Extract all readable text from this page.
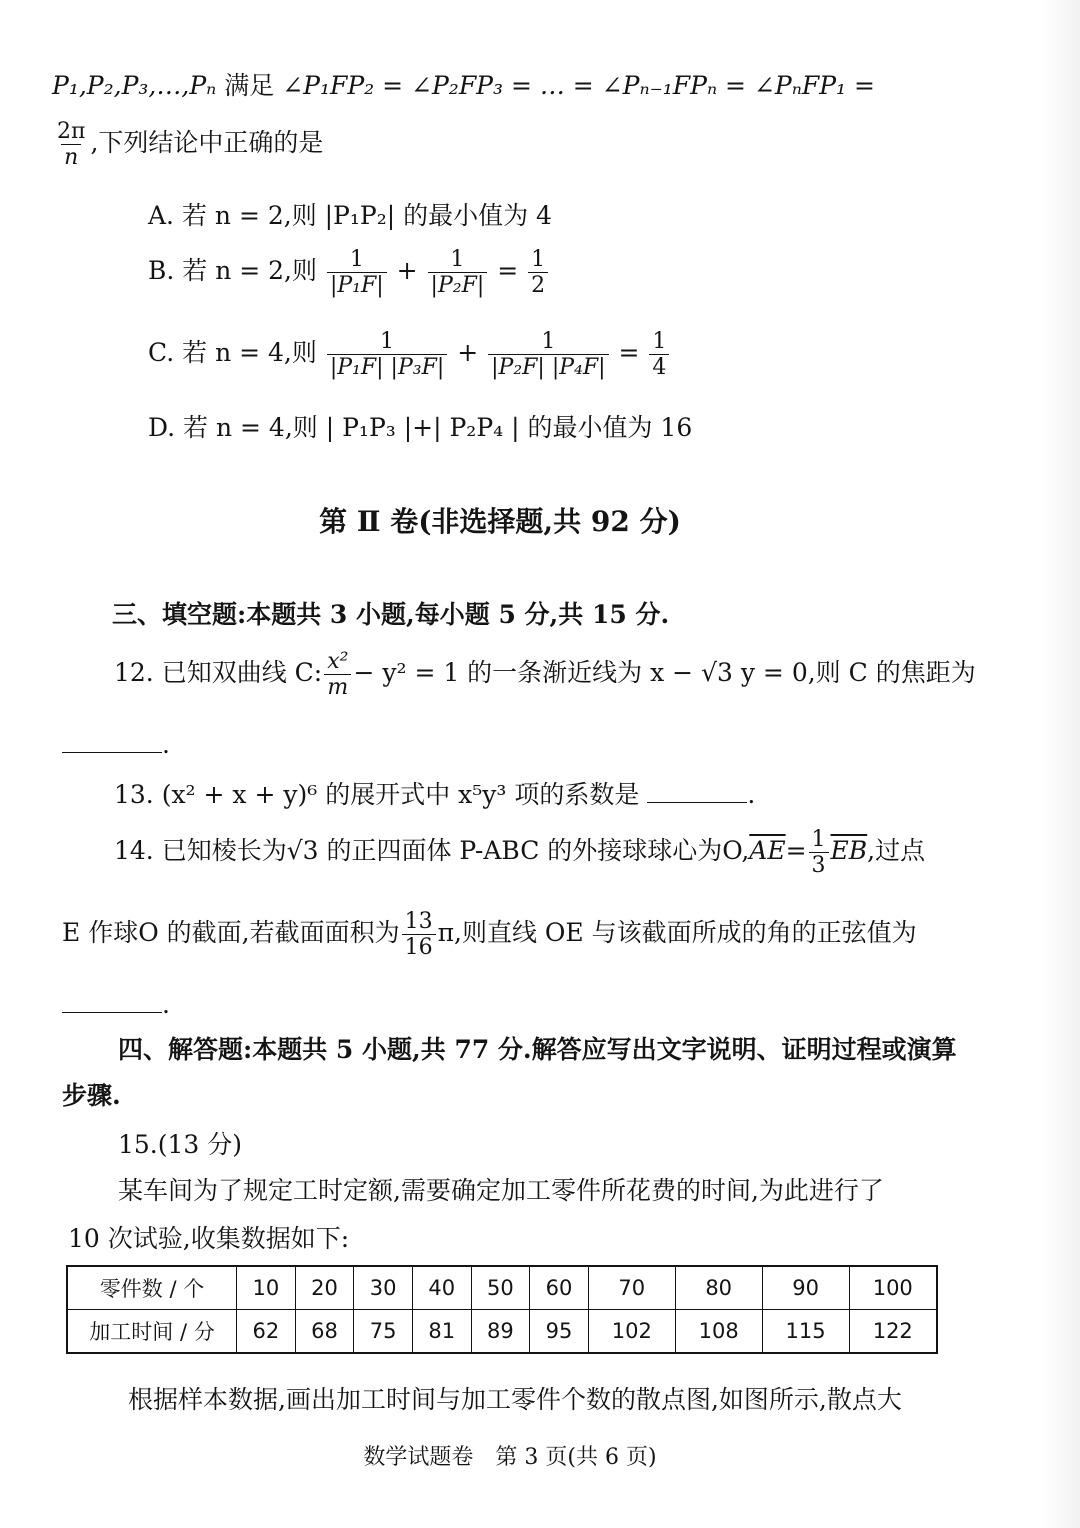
P₁,P₂,P₃,…,Pₙ 满足 ∠P₁FP₂ = ∠P₂FP₃ = … = ∠Pₙ₋₁FPₙ = ∠PₙFP₁ =
$\frac{2\pi}{n}$ ,下列结论中正确的是
A. 若 n = 2,则 |P₁P₂| 的最小值为 4
B. 若 n = 2,则 $\frac{1}{\text{|P₁F|}} + \frac{1}{\text{|P₂F|}} = \frac{1}{2}$
C. 若 n = 4,则 $\frac{1}{\text{|P₁F| |P₃F|}} + \frac{1}{\text{|P₂F| |P₄F|}} = \frac{1}{4}$
D. 若 n = 4,则 | P₁P₃ |+| P₂P₄ | 的最小值为 16
第 Ⅱ 卷(非选择题,共 92 分)
三、填空题:本题共 3 小题,每小题 5 分,共 15 分.
12. 已知双曲线 C: $\frac{\text{x²}}{m} - y^2 = 1$ 的一条渐近线为 x − √3 y = 0,则 C 的焦距为
.
13. (x² + x + y)⁶ 的展开式中 x⁵y³ 项的系数是	.
14. 已知棱长为√3 的正四面体 P-ABC 的外接球球心为$O,\overline{AE}= \frac{1}{3} \overline{EB}$,过点
E 作球O 的截面,若截面面积为 $\frac{13}{16} \pi$,则直线 OE 与该截面所成的角的正弦值为
.
四、解答题:本题共 5 小题,共 77 分.解答应写出文字说明、证明过程或演算
步骤.
15.(13 分)
某车间为了规定工时定额,需要确定加工零件所花费的时间,为此进行了
10 次试验,收集数据如下:
零件数 / 个	10	20	30	40	50	60	70	80	90	100
加工时间 / 分	62	68	75	81	89	95	102	108	115	122
根据样本数据,画出加工时间与加工零件个数的散点图,如图所示,散点大
数学试题卷　第 3 页(共 6 页)
